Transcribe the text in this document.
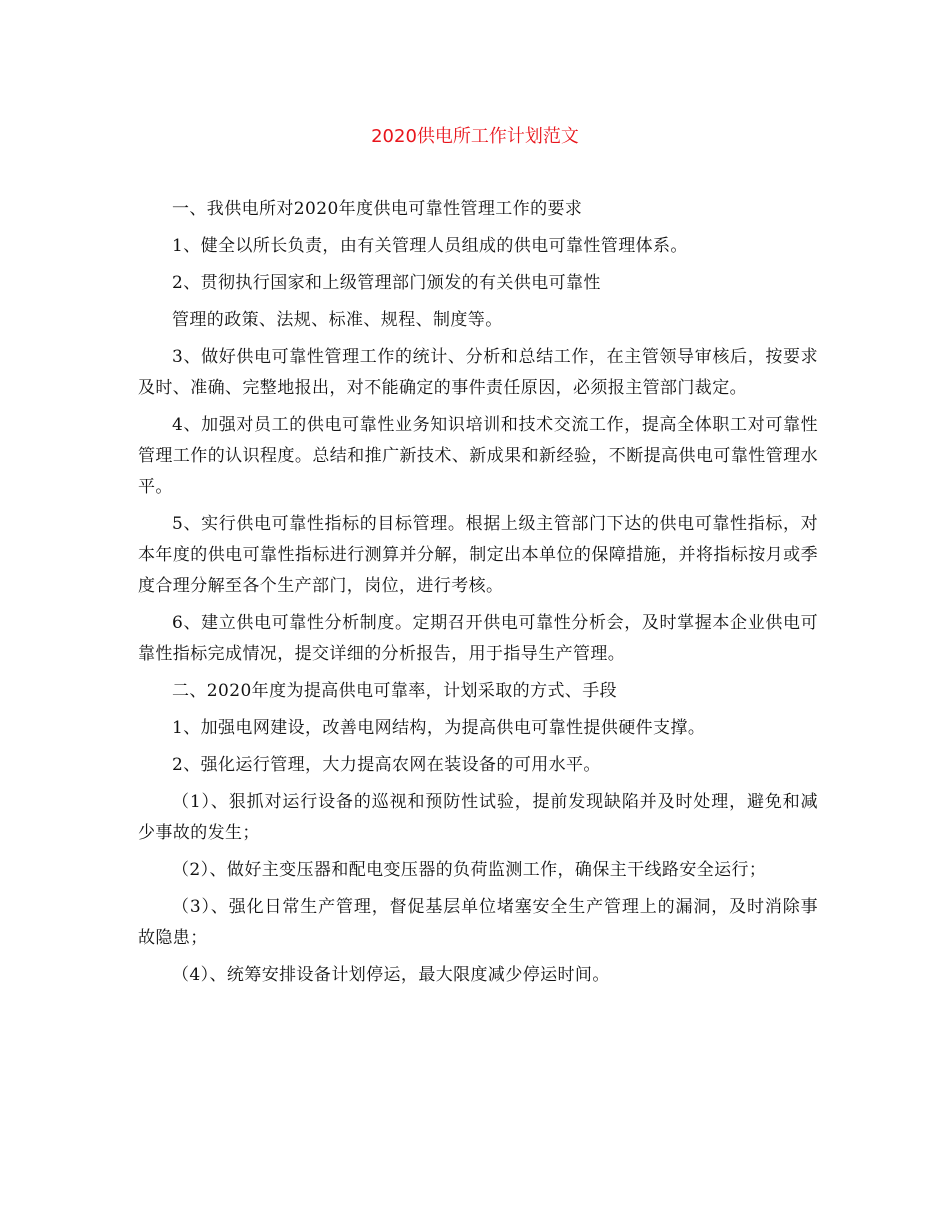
2020供电所工作计划范文

一、我供电所对2020年度供电可靠性管理工作的要求

1、健全以所长负责，由有关管理人员组成的供电可靠性管理体系。

2、贯彻执行国家和上级管理部门颁发的有关供电可靠性

管理的政策、法规、标准、规程、制度等。

3、做好供电可靠性管理工作的统计、分析和总结工作，在主管领导审核后，按要求及时、准确、完整地报出，对不能确定的事件责任原因，必须报主管部门裁定。

4、加强对员工的供电可靠性业务知识培训和技术交流工作，提高全体职工对可靠性管理工作的认识程度。总结和推广新技术、新成果和新经验，不断提高供电可靠性管理水平。

5、实行供电可靠性指标的目标管理。根据上级主管部门下达的供电可靠性指标，对本年度的供电可靠性指标进行测算并分解，制定出本单位的保障措施，并将指标按月或季度合理分解至各个生产部门，岗位，进行考核。

6、建立供电可靠性分析制度。定期召开供电可靠性分析会，及时掌握本企业供电可靠性指标完成情况，提交详细的分析报告，用于指导生产管理。

二、2020年度为提高供电可靠率，计划采取的方式、手段

1、加强电网建设，改善电网结构，为提高供电可靠性提供硬件支撑。

2、强化运行管理，大力提高农网在装设备的可用水平。

（1）、狠抓对运行设备的巡视和预防性试验，提前发现缺陷并及时处理，避免和减少事故的发生；

（2）、做好主变压器和配电变压器的负荷监测工作，确保主干线路安全运行；

（3）、强化日常生产管理，督促基层单位堵塞安全生产管理上的漏洞，及时消除事故隐患；

（4）、统筹安排设备计划停运，最大限度减少停运时间。
